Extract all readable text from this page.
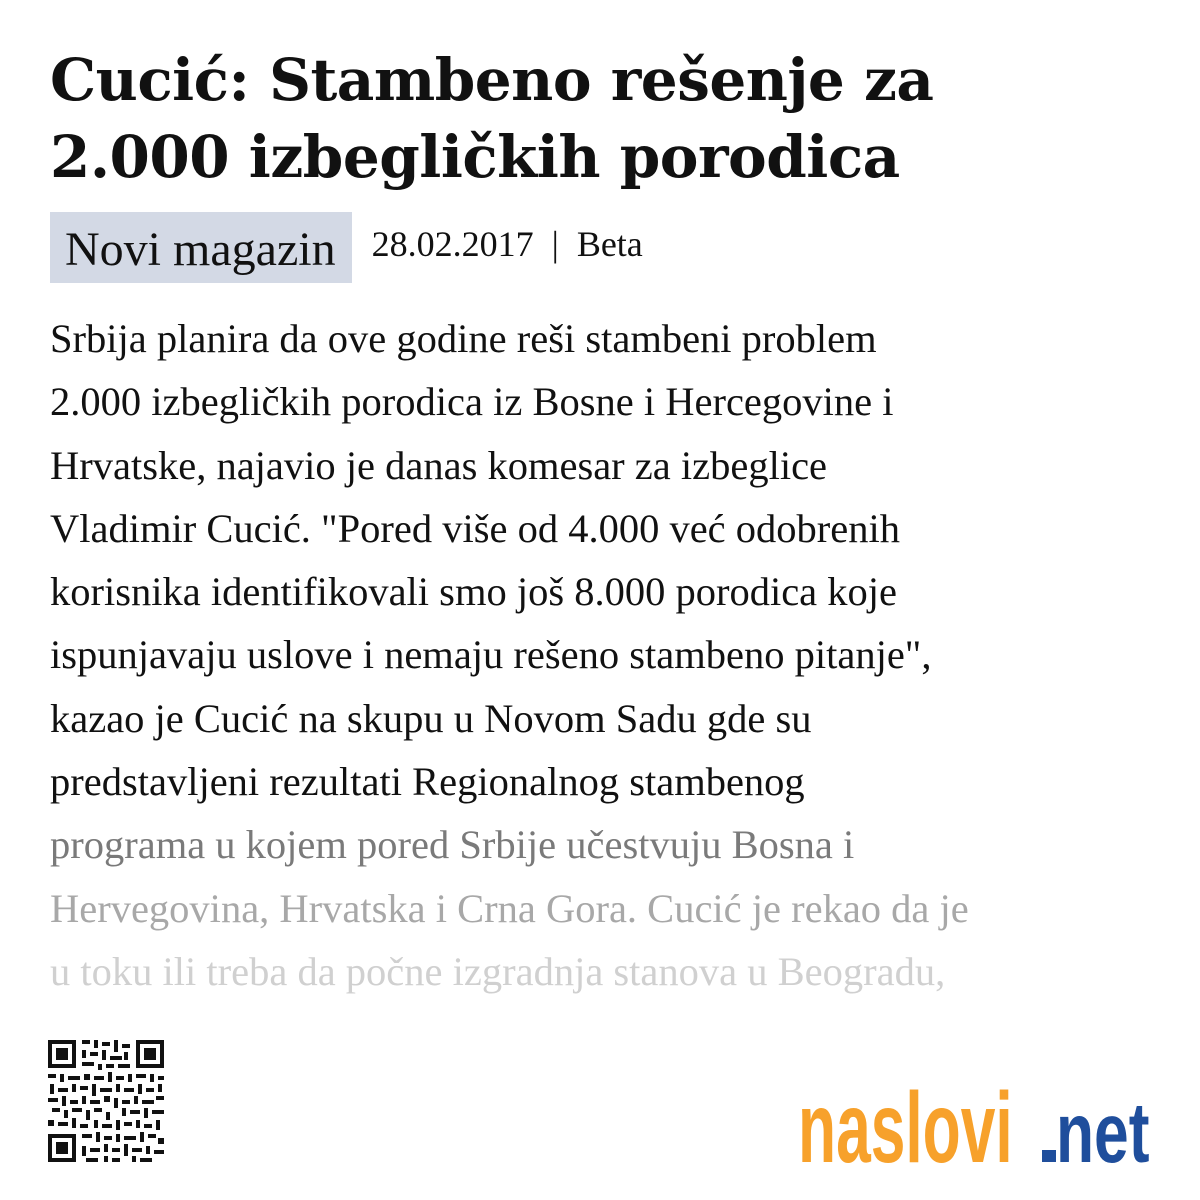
Cucić: Stambeno rešenje za
2.000 izbegličkih porodica
Novi magazin	28.02.2017 | Beta
Srbija planira da ove godine reši stambeni problem
2.000 izbegličkih porodica iz Bosne i Hercegovine i
Hrvatske, najavio je danas komesar za izbeglice
Vladimir Cucić. "Pored više od 4.000 već odobrenih
korisnika identifikovali smo još 8.000 porodica koje
ispunjavaju uslove i nemaju rešeno stambeno pitanje",
kazao je Cucić na skupu u Novom Sadu gde su
predstavljeni rezultati Regionalnog stambenog
programa u kojem pored Srbije učestvuju Bosna i
Hervegovina, Hrvatska i Crna Gora. Cucić je rekao da je
u toku ili treba da počne izgradnja stanova u Beogradu,
naslovi net
